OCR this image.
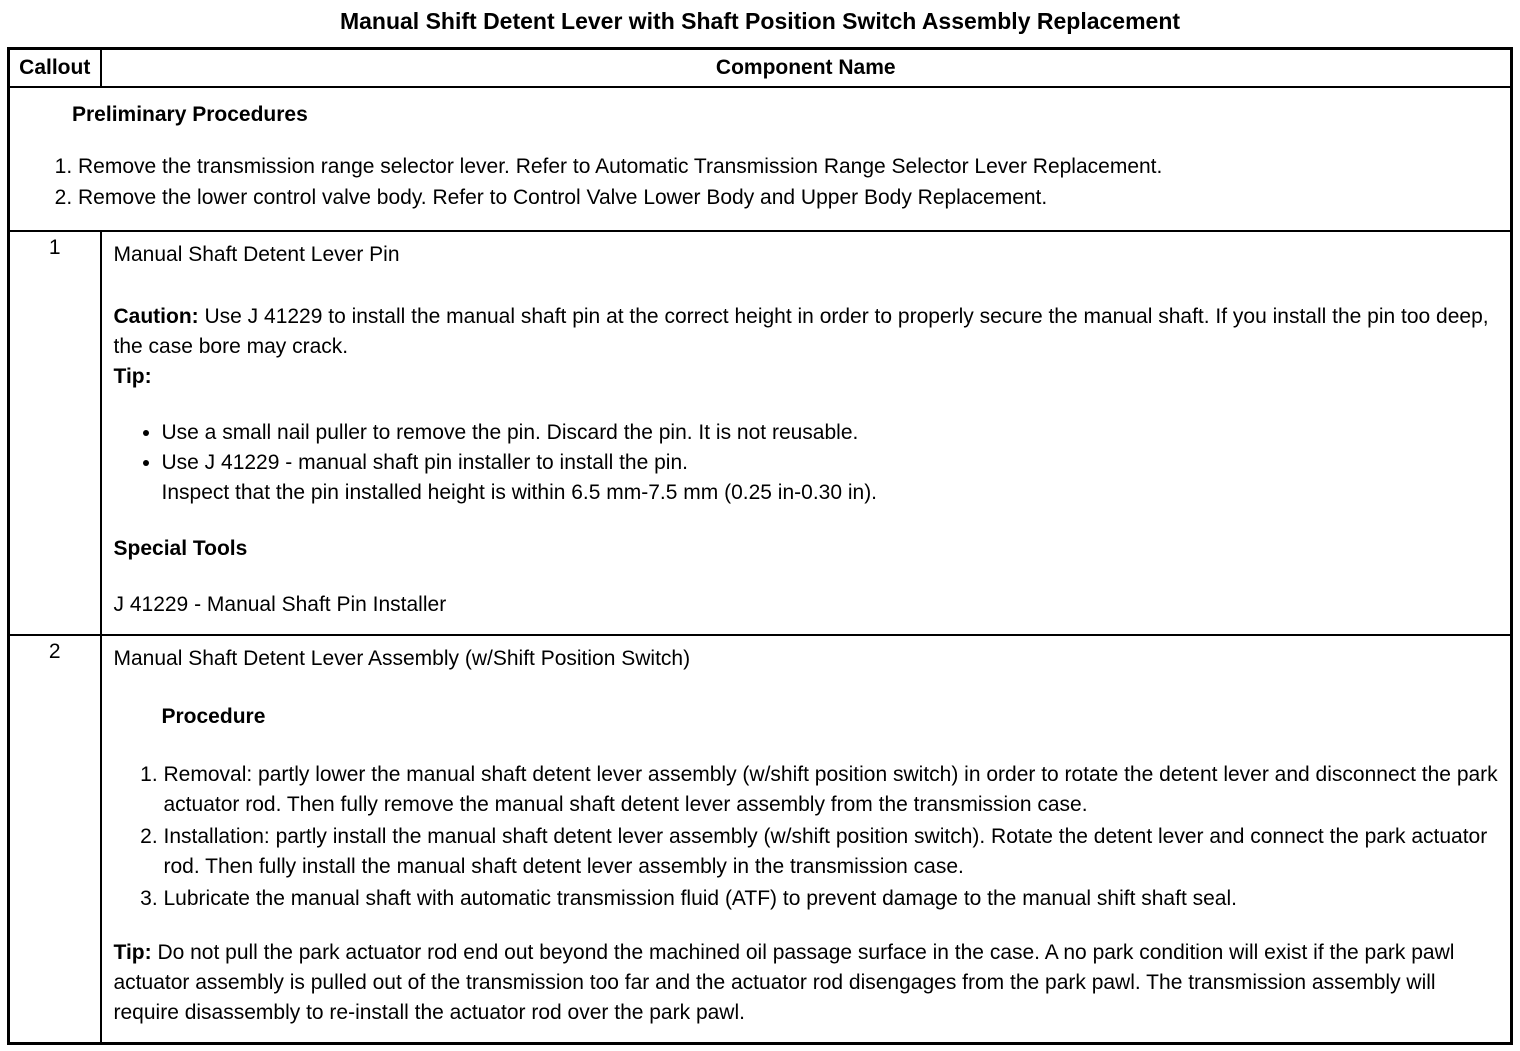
Manual Shift Detent Lever with Shaft Position Switch Assembly Replacement
Callout	Component Name

Preliminary Procedures
1. Remove the transmission range selector lever. Refer to Automatic Transmission Range Selector Lever Replacement.
2. Remove the lower control valve body. Refer to Control Valve Lower Body and Upper Body Replacement.

1	Manual Shaft Detent Lever Pin

Caution: Use J 41229 to install the manual shaft pin at the correct height in order to properly secure the manual shaft. If you install the pin too deep, the case bore may crack.

Tip:

• Use a small nail puller to remove the pin. Discard the pin. It is not reusable.
• Use J 41229 - manual shaft pin installer to install the pin.
Inspect that the pin installed height is within 6.5 mm-7.5 mm (0.25 in-0.30 in).

Special Tools

J 41229 - Manual Shaft Pin Installer

2	Manual Shaft Detent Lever Assembly (w/Shift Position Switch)

Procedure

1. Removal: partly lower the manual shaft detent lever assembly (w/shift position switch) in order to rotate the detent lever and disconnect the park actuator rod. Then fully remove the manual shaft detent lever assembly from the transmission case.
2. Installation: partly install the manual shaft detent lever assembly (w/shift position switch). Rotate the detent lever and connect the park actuator rod. Then fully install the manual shaft detent lever assembly in the transmission case.
3. Lubricate the manual shaft with automatic transmission fluid (ATF) to prevent damage to the manual shift shaft seal.

Tip: Do not pull the park actuator rod end out beyond the machined oil passage surface in the case. A no park condition will exist if the park pawl actuator assembly is pulled out of the transmission too far and the actuator rod disengages from the park pawl. The transmission assembly will require disassembly to re-install the actuator rod over the park pawl.
